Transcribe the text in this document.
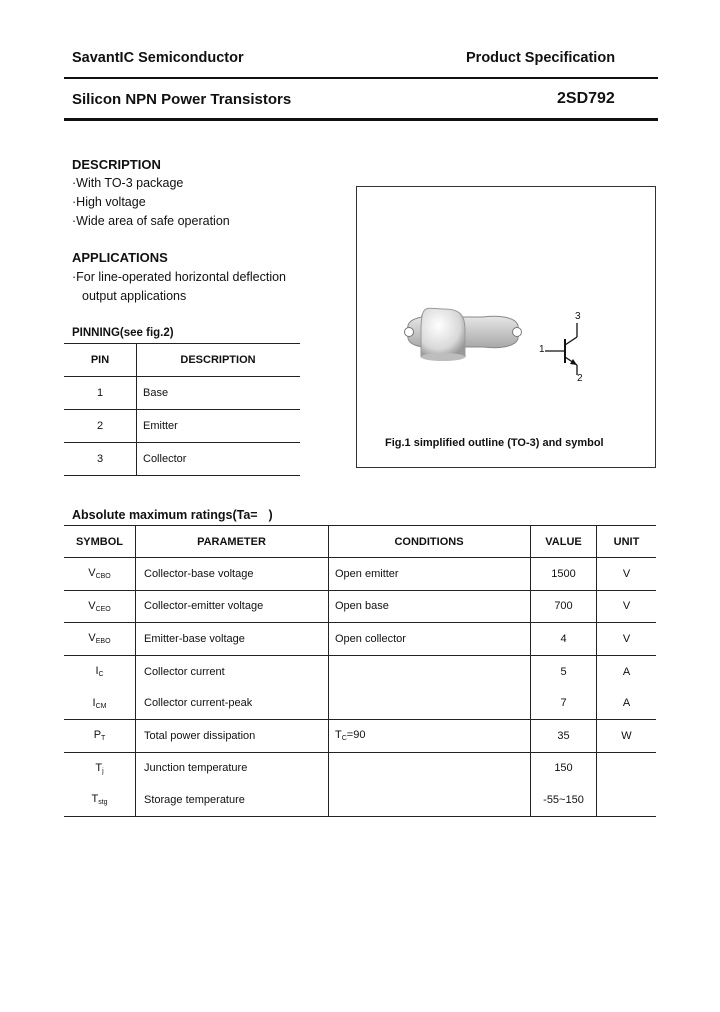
SavantIC Semiconductor	Product Specification
Silicon NPN Power Transistors	2SD792
DESCRIPTION
·With TO-3 package
·High voltage
·Wide area of safe operation
APPLICATIONS
·For line-operated horizontal deflection
output applications
PINNING(see fig.2)
PIN	DESCRIPTION
1	Base
2	Emitter
3	Collector
1
3
2
Fig.1 simplified outline (TO-3) and symbol
Absolute maximum ratings(Ta= )
SYMBOL	PARAMETER	CONDITIONS	VALUE	UNIT
$V_{CBO}$	Collector-base voltage	Open emitter	1500	V
$V_{CEO}$	Collector-emitter voltage	Open base	700	V
$V_{EBO}$	Emitter-base voltage	Open collector	4	V
$I_C$	Collector current		5	A
$I_{CM}$	Collector current-peak		7	A
$P_T$	Total power dissipation	$T_C=90$	35	W
$T_j$	Junction temperature		150	
$T_{stg}$	Storage temperature		-55~150	
